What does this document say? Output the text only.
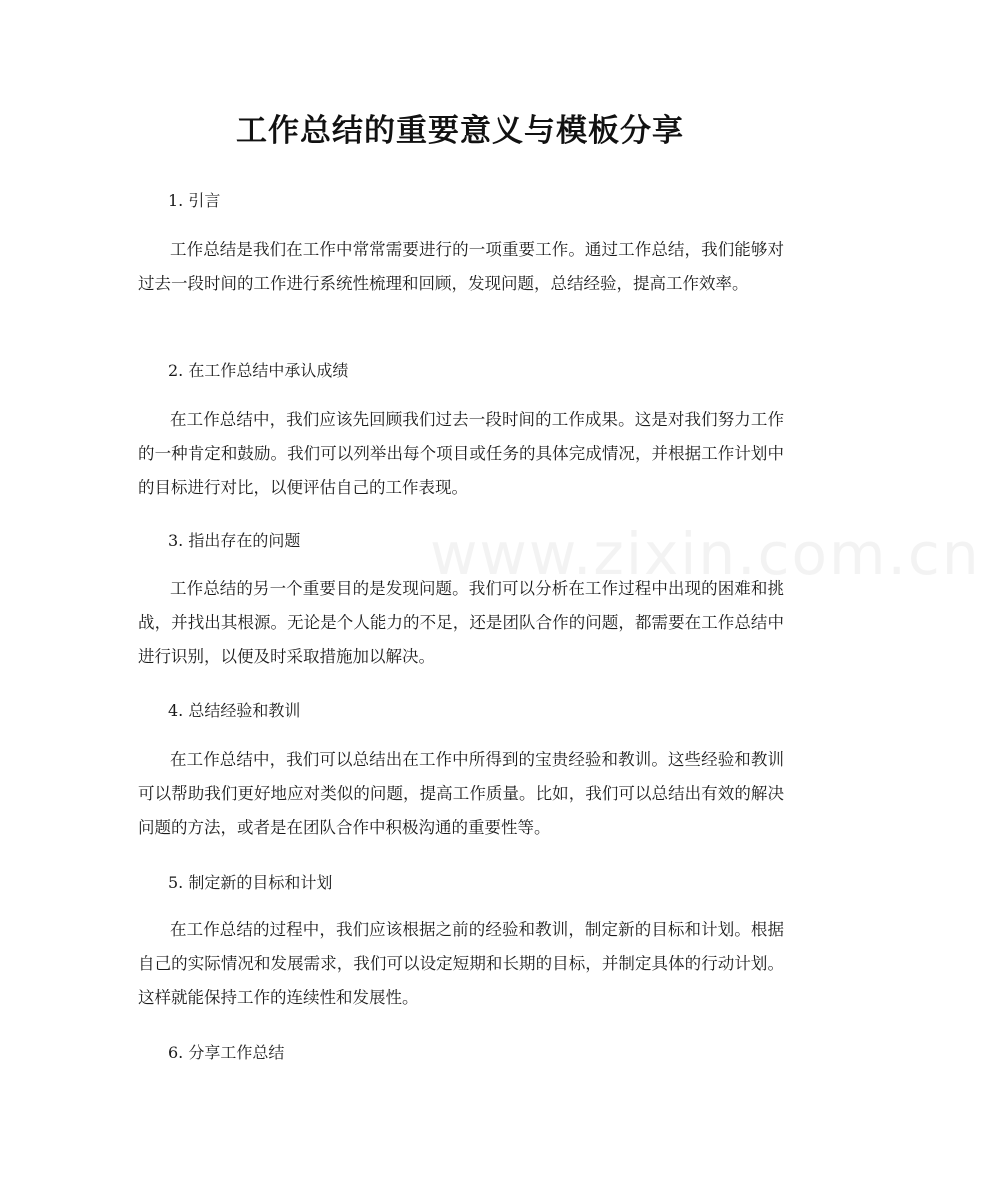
工作总结的重要意义与模板分享
1. 引言
工作总结是我们在工作中常常需要进行的一项重要工作。通过工作总结，我们能够对过去一段时间的工作进行系统性梳理和回顾，发现问题，总结经验，提高工作效率。
2. 在工作总结中承认成绩
在工作总结中，我们应该先回顾我们过去一段时间的工作成果。这是对我们努力工作的一种肯定和鼓励。我们可以列举出每个项目或任务的具体完成情况，并根据工作计划中的目标进行对比，以便评估自己的工作表现。
3. 指出存在的问题
工作总结的另一个重要目的是发现问题。我们可以分析在工作过程中出现的困难和挑战，并找出其根源。无论是个人能力的不足，还是团队合作的问题，都需要在工作总结中进行识别，以便及时采取措施加以解决。
4. 总结经验和教训
在工作总结中，我们可以总结出在工作中所得到的宝贵经验和教训。这些经验和教训可以帮助我们更好地应对类似的问题，提高工作质量。比如，我们可以总结出有效的解决问题的方法，或者是在团队合作中积极沟通的重要性等。
5. 制定新的目标和计划
在工作总结的过程中，我们应该根据之前的经验和教训，制定新的目标和计划。根据自己的实际情况和发展需求，我们可以设定短期和长期的目标，并制定具体的行动计划。这样就能保持工作的连续性和发展性。
6. 分享工作总结
www.zixin.com.cn
